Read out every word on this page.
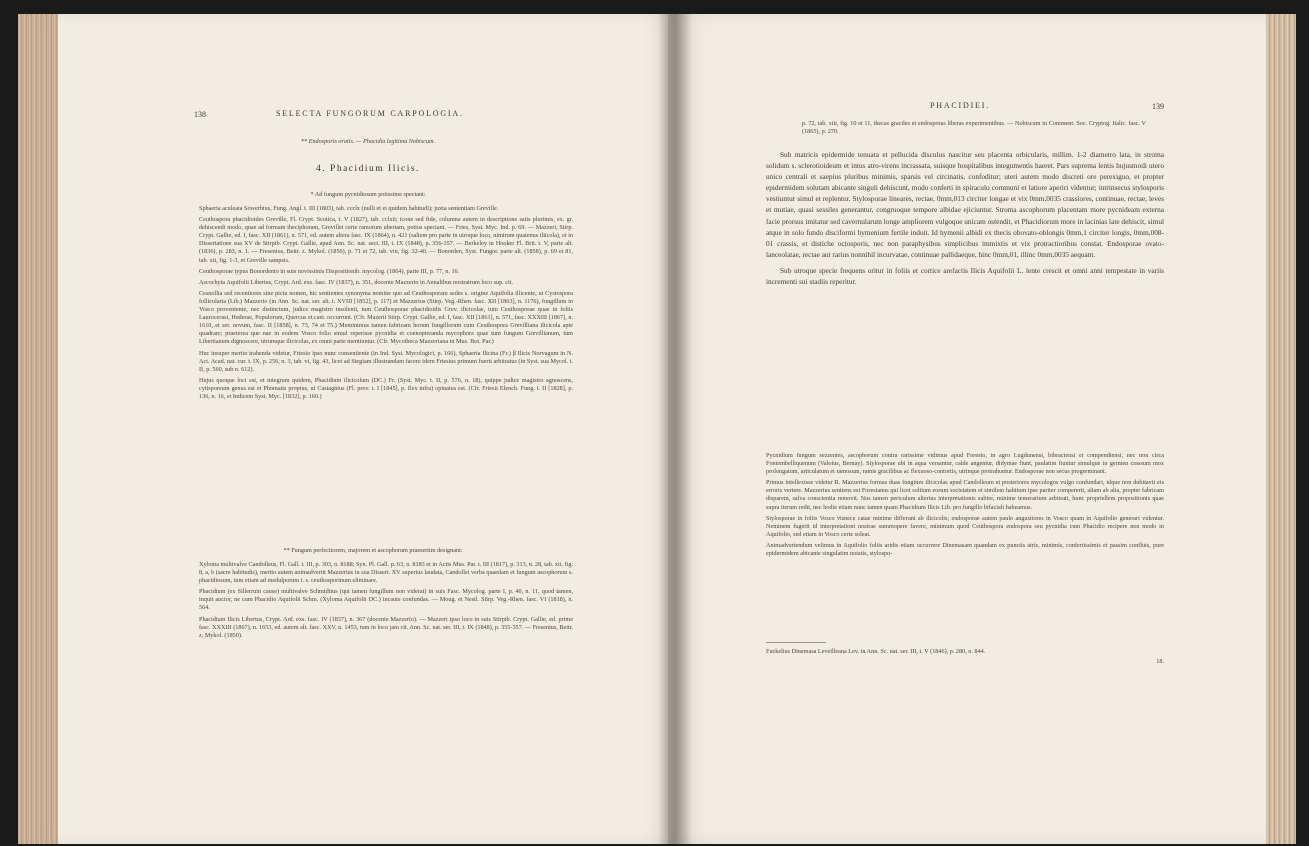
138	SELECTA FUNGORUM CARPOLOGIA.
** Endosporis oratis. — Phacidia legitima Nobiscum.
4. Phacidium Ilicis.
* Ad fungum pycnidiosum potissime spectant:

Sphaeria aculeata Sowerbius, Fung. Angl. t. III (1803), tab. ccclx (nulli et ei quidem habitudi); juxta sententiam Greville.

Ceuthospora phacidioides Greville, Fl. Crypt. Scotica, t. V (1827), tab. cclxii; icone sed fide, columna autem in descriptione satis plurimis, ex. gr. dehiscendi modo, quae ad formam theciphoram, Grevillei certe ramorum ubertam, potius spectant. — Fries, Syst. Myc. Ind. p. 69. — Mazzeri, Stirp. Crypt. Gallie, ed. I, fasc. XII (1861), n. 571, ed. autem altera fasc. IX (1864), n. 421 (saltem pro parte in utroque loco, nimirum quatenus iliicola), et in Dissertatione sua XV de Stirpib. Crypt. Gallie, apud Ann. Sc. nat. sect. III, t. IX (1848), p. 356-357. — Berkeley in Hooker Fl. Brit. t. V, parte alt. (1836), p. 283, n. 1. — Fresenius, Beitr. z. Mykol. (1850), p. 71 et 72, tab. vin, fig. 32-40. — Bonorden, Syst. Fungor. parte alt. (1858), p. 69 et 81, tab. xii, fig. 1-3, et Greville sampsis.

Ceuthosporae typus Bonordenio in suis novissimis Dispositionib. mycolog. (1864), parte III, p. 77, n. 16.

Ascochyta Aquifolii Libertus, Crypt. Ard. exs. fasc. IV (1837), n. 351, docente Mazzerio in Annalibus nostratrum loco sup. cit.

Cesnollia sed recentiores sine pictu nomen, hic sentientes synonyma nomine quo ad Ceuthosporam sedes s. origine Aquifolia illicente, ut Cystospora follicularia (Lib.) Mazzerio (in Ann. Sc. nat. ser. alt. t. XVIII [1852], p. 117) et Mazzerius (Stirp. Veg.-Rhen. fasc. XII [1863], n. 1176), fungillum in Vosco proveniente, nec distinctum, judice magistro insolenti, tum Ceuthosporae phacidioidis Grev. ilicicolae, tum Ceuthosporae quae in foliis Laurocerasi, Hederae, Populorum, Quercus et caet. occurrunt. (Cfr. Mazerii Stirp. Crypt. Gallie, ed. I, fasc. XII [1861], n. 571, fasc. XXXIII [1867], n. 1610, et ser. novum, fasc. II [1858], n. 73, 74 et 75.) Meminimus tamen fabricam horum fungillorum cum Ceuthospora Grevilliana ilicicola apte quadrare; praeterea que nae in eodem Vosco folio simul reperisse pycnidia et coenopteranda mycophora quae tum fungum Grevillianum, tum Libertianum dignoscere, utrumque ilicicolas, ex omni parte mentiuntur. (Cfr. Mycotheca Mazzeriana in Mus. Bot. Par.)

Huc insuper merito trahenda videtur, Friesio ipso nunc consentiente (in Ind. Syst. Mycologici, p. 166), Sphaeria Ilicina (Fr.) β Ilicis Norvagum in N. Act. Acad. nat. cur. t. IX, p. 256, n. 3, tab. vi, fig. 43, licet ad Stegiam illustrandam facere idem Friesius primum fuerit arbitratus (in Syst. sua Mycol. t. II, p. 560, sub n. 612).

Hujus quoque loci est, et integrum quidem, Phacidium ilicicolum (DC.) Fr. (Syst. Myc. t. II, p. 576, n. 18), quippe judice magistro agnoscens, cytisporeum genus est et Phomatis propius, ut Castagnius (Fl. prov. t. I [1845], p. Ilex infra) opinatus est. (Cfr. Friesii Elench. Fung. t. II [1828], p. 136, n. 16, et Indicem Syst. Myc. [1832], p. 160.)

** Fungum perfectiorem, majorem et ascophorum praesertim designant:

Xyloma multivalve Candolleus, Fl. Gall. t. III, p. 303, n. 8188; Syn. Pl. Gall. p. 63, n. 8183 et in Actis Mus. Par. t. III (1817), p. 313, n. 28, tab. xii, fig. 8, a, b (sacre habitudis), merito autem animadvertit Mazzerius in sua Dissert. XV superius laudata, Candollei verba quaedam et fungum ascophorum s. phacidiosum, tum etiam ad medulporum t. s. ceuthosporinum eliminare.

Phacidium (ex Sillerruin cause) multivalve Schmidtius (qui tamen fungillum non viderat) in suis Fasc. Mycolog. parte I, p. 40, n. 11, quod tamen, inquit auctor, ne cum Phacidio Aquifolii Schm. (Xyloma Aquifolii DC.) incaute confundas. — Moug. et Nestl. Stirp. Veg.-Rhen. fasc. VI (1818), n. 564.

Phacidium Ilicis Libertus, Crypt. Ard. exs. fasc. IV (1837), n. 367 (docente Mazzerio). — Mazzeri ipso loco in suis Stirpib. Crypt. Gallie, ed. prime fasc. XXXIII (1867), n. 1653, ed. autem alt. fasc. XXV, n. 1453, tum in loco jam cit. Ann. Sc. nat. ser. III, t. IX (1848), p. 355-357. — Fresenius, Beitr. z. Mykol. (1850).

PHACIDIEI.	139
p. 72, tab. xiii, fig. 10 et 11, thecas graciles et endosporas liberas experimentibus. — Nobiscum in Comment. Soc. Cryptog. Italic. fasc. V (1865), p. 270.

Sub matricis epidermide tenuata et pellucida disculus nascitur seu placenta orbicularis, millim. 1-2 diametro lata, in stroma solidum s. sclerotioideum et intus atro-virens incrassata, suisque hospitalibus integumentis haeret. Pars suprema lentis hujusmodi utero unico centrali et saepius pluribus minimis, sparsis vel circinatis, confoditur; uteri autem modo discreti ore perexiguo, et propter epidermidem solutam abicante singuli dehiscunt, modo conferti in spiraculo communi et latiore aperiri videntur; intrinsecus stylosporis vestiuntur simul et replentur. Stylosporae lineares, rectae, 0mm,013 circiter longae et vix 0mm,0035 crassiores, continuae, rectae, leves et mutiae, quasi sessiles generantur, congruoque tempore albidae ejiciuntur. Stroma ascophorum placentam more pycnideam externa facie prorsus imitatur sed cavernularum longe ampliorem vulgoque unicam ostendit, et Phacidiorum more in lacinias late dehiscit, simul atque in solo fundo disciformi hymenium fertile induit. Id hymenii albidi ex thecis obovato-oblongis 0mm,1 circiter longis, 0mm,008-01 crassis, et distiche octosporis, nec non paraphysibus simplicibus immixtis et vix protractioribus constat. Endosporae ovato-lanceolatae, rectae aut rarius nonnihil incurvatae, continuae pallidaeque, hinc 0mm,01, illinc 0mm,0035 aequant.

Sub utroque specie frequens oritur in foliis et cortice arefactis Ilicis Aquifolii L. lente crescit et omni anni tempestate in variis incrementi sui stadiis reperitur.

Pycnidium fungum sezzentes, ascophorum contra rarissime vidimus apud Foresto, in agro Lugdunensi, bibractensi et compendiensi, nec non circa Fontembelliquenum (Valoius, Bernay). Stylosporae ubi in aqua versantur, calde angentur, didymae fiunt, paulatim fiuntur simulque in germen crassum mox prolongatum, articulatum et ramosum, ramis gracilibus ac flexuoso-contortis, utrinque protrahuntur. Endosporae non secus progerminant.

Primus intellexisse videtur R. Mazzerius formas duas fungines ilicicolas apud Candolleum et posteriores mycologos vulgo confundari, idque non dubitavit eis erroris vertere. Mazzerius sentiens est Foresianus qui licet soltium eorum societatem et similem habitum ipse pariter compererit, aliam ab alia, propter fabricam disparem, salva conscientia removit. Nos tamen periculum alterius interpretationis subire, minime temerarium arbitrati, hunc propriellem propositionis quae supra iterum redit, nec hodie etiam nunc tamen quam Phacidium Ilicis Lib. pro fungillo bifaciali habeamus.

Stylosporae in foliis Vosco visnece catae minime differunt ab ilicicolis; endosporae autem paulo angustiores in Vosco quam in Aquifolio generari videntur. Neminem fugerit id interpretationi nostrae summopere favere, minimum quod Ceuthospora endospora seu pycnidia cum Phacidio recipere non modo in Aquifolio, sed etiam in Vosco certe soleat.

Animadvertendum velimus in Aquifolio foliis aridis etiam occurrere Dinemasam quandam ex punctis atris, minimis, confertissimis et passim confluis, pure epidermidem abicante singulatim notatis, stylospo-

Fuckelius Dinemasa Leveilleana Lev. in Ann. Sc. nat. ser. III, t. V (1846), p. 280, n. 844.
18.
